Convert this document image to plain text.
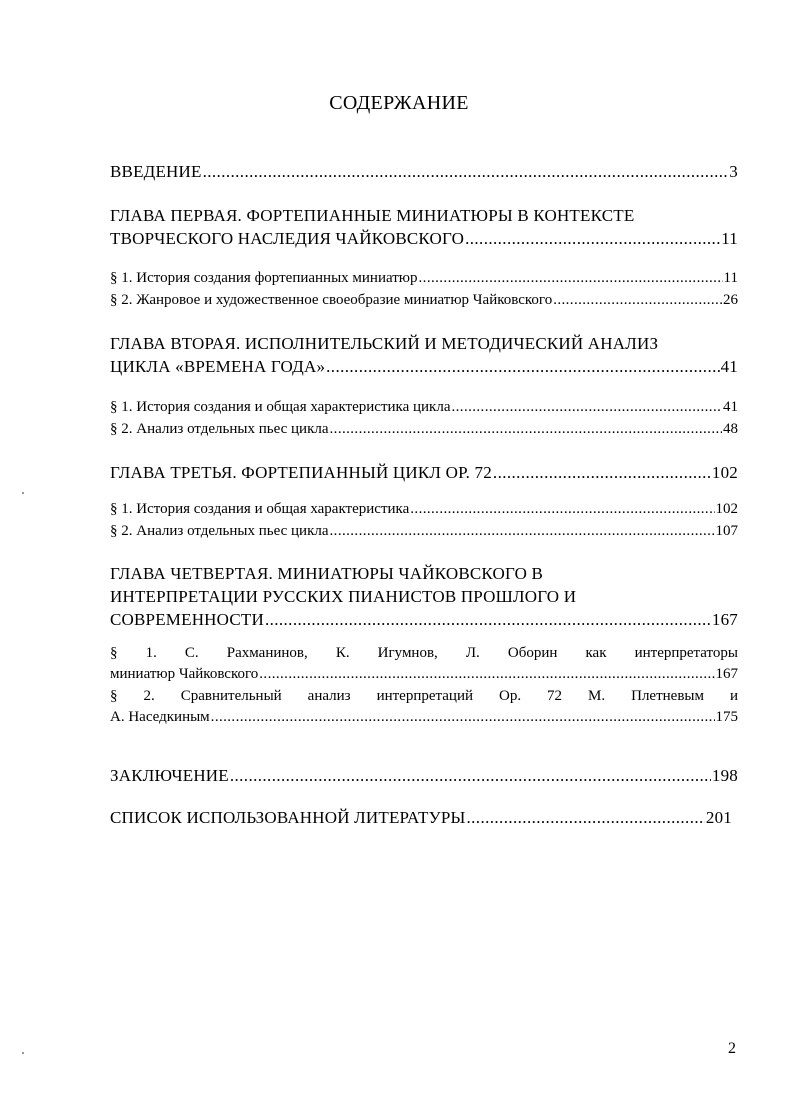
СОДЕРЖАНИЕ
ВВЕДЕНИЕ .....	3
ГЛАВА ПЕРВАЯ. ФОРТЕПИАННЫЕ МИНИАТЮРЫ В КОНТЕКСТЕ
ТВОРЧЕСКОГО НАСЛЕДИЯ ЧАЙКОВСКОГО .....	11
§ 1. История создания фортепианных миниатюр .....	11
§ 2. Жанровое и художественное своеобразие миниатюр Чайковского .....	26
ГЛАВА ВТОРАЯ. ИСПОЛНИТЕЛЬСКИЙ И МЕТОДИЧЕСКИЙ АНАЛИЗ
ЦИКЛА «ВРЕМЕНА ГОДА» .....	41
§ 1. История создания и общая характеристика цикла .....	41
§ 2. Анализ отдельных пьес цикла .....	48
ГЛАВА ТРЕТЬЯ. ФОРТЕПИАННЫЙ ЦИКЛ ОР. 72 .....	102
§ 1. История создания и общая характеристика .....	102
§ 2. Анализ отдельных пьес цикла .....	107
ГЛАВА ЧЕТВЕРТАЯ. МИНИАТЮРЫ ЧАЙКОВСКОГО В
ИНТЕРПРЕТАЦИИ РУССКИХ ПИАНИСТОВ ПРОШЛОГО И
СОВРЕМЕННОСТИ .....	167
§ 1. С. Рахманинов, К. Игумнов, Л. Оборин как интерпретаторы
миниатюр Чайковского .....	167
§ 2. Сравнительный анализ интерпретаций Ор. 72 М. Плетневым и
А. Наседкиным .....	175
ЗАКЛЮЧЕНИЕ .....	198
СПИСОК ИСПОЛЬЗОВАННОЙ ЛИТЕРАТУРЫ .....	201
2
